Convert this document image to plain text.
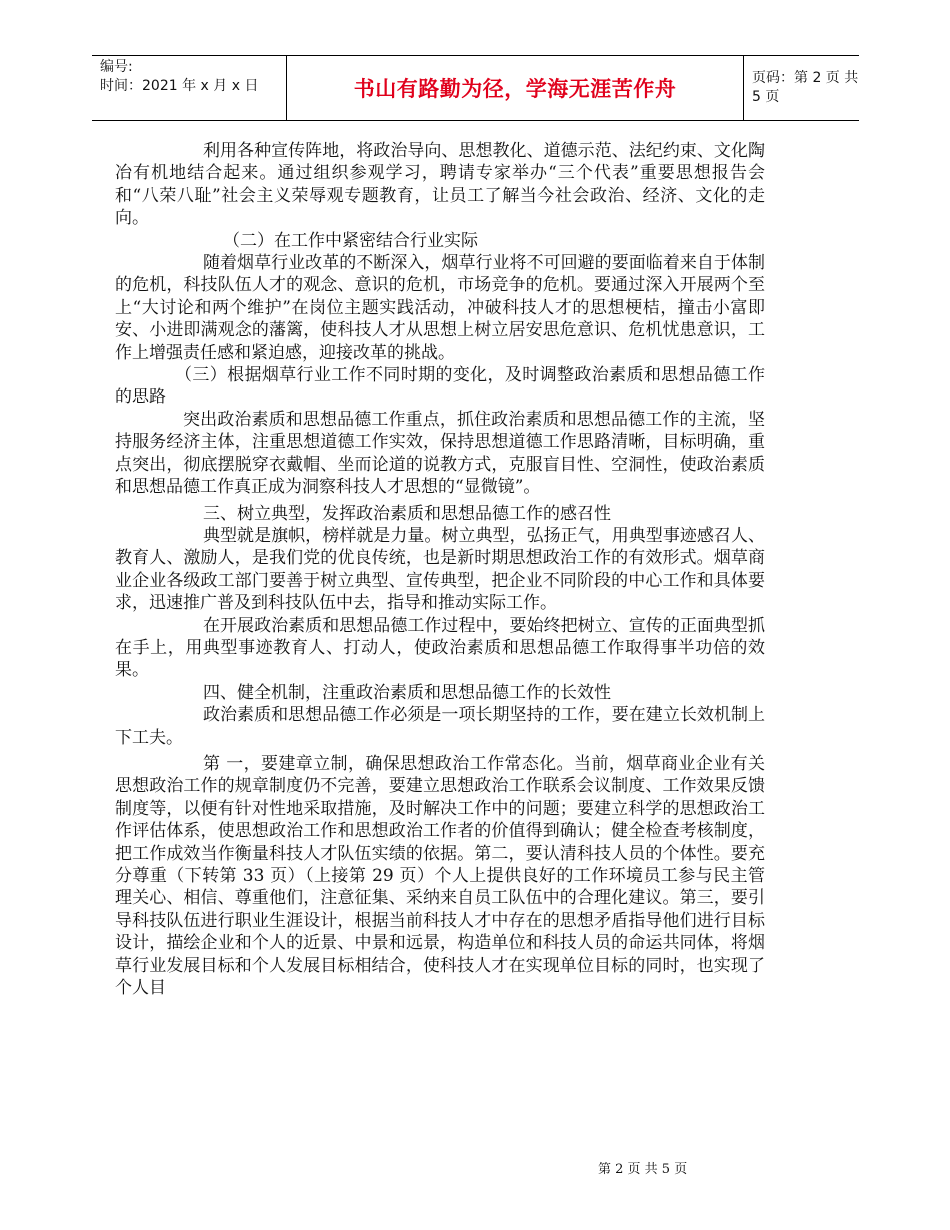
编号:
时间：2021 年 x 月 x 日	书山有路勤为径，学海无涯苦作舟	页码：第 2 页 共 5 页

利用各种宣传阵地，将政治导向、思想教化、道德示范、法纪约束、文化陶冶有机地结合起来。通过组织参观学习，聘请专家举办“三个代表”重要思想报告会和“八荣八耻”社会主义荣辱观专题教育，让员工了解当今社会政治、经济、文化的走向。

（二）在工作中紧密结合行业实际

随着烟草行业改革的不断深入，烟草行业将不可回避的要面临着来自于体制的危机，科技队伍人才的观念、意识的危机，市场竞争的危机。要通过深入开展两个至上“大讨论和两个维护”在岗位主题实践活动，冲破科技人才的思想梗桔，撞击小富即安、小进即满观念的藩篱，使科技人才从思想上树立居安思危意识、危机忧患意识，工作上增强责任感和紧迫感，迎接改革的挑战。

（三）根据烟草行业工作不同时期的变化，及时调整政治素质和思想品德工作的思路

突出政治素质和思想品德工作重点，抓住政治素质和思想品德工作的主流，坚持服务经济主体，注重思想道德工作实效，保持思想道德工作思路清晰，目标明确，重点突出，彻底摆脱穿衣戴帽、坐而论道的说教方式，克服盲目性、空洞性，使政治素质和思想品德工作真正成为洞察科技人才思想的“显微镜”。

三、树立典型，发挥政治素质和思想品德工作的感召性

典型就是旗帜，榜样就是力量。树立典型，弘扬正气，用典型事迹感召人、教育人、激励人，是我们党的优良传统，也是新时期思想政治工作的有效形式。烟草商业企业各级政工部门要善于树立典型、宣传典型，把企业不同阶段的中心工作和具体要求，迅速推广普及到科技队伍中去，指导和推动实际工作。

在开展政治素质和思想品德工作过程中，要始终把树立、宣传的正面典型抓在手上，用典型事迹教育人、打动人，使政治素质和思想品德工作取得事半功倍的效果。

四、健全机制，注重政治素质和思想品德工作的长效性

政治素质和思想品德工作必须是一项长期坚持的工作，要在建立长效机制上下工夫。

第 一，要建章立制，确保思想政治工作常态化。当前，烟草商业企业有关思想政治工作的规章制度仍不完善，要建立思想政治工作联系会议制度、工作效果反馈制度等，以便有针对性地采取措施，及时解决工作中的问题；要建立科学的思想政治工作评估体系，使思想政治工作和思想政治工作者的价值得到确认；健全检查考核制度，把工作成效当作衡量科技人才队伍实绩的依据。第二，要认清科技人员的个体性。要充分尊重（下转第 33 页）（上接第 29 页）个人上提供良好的工作环境员工参与民主管理关心、相信、尊重他们，注意征集、采纳来自员工队伍中的合理化建议。第三，要引导科技队伍进行职业生涯设计，根据当前科技人才中存在的思想矛盾指导他们进行目标设计，描绘企业和个人的近景、中景和远景，构造单位和科技人员的命运共同体，将烟草行业发展目标和个人发展目标相结合，使科技人才在实现单位目标的同时，也实现了个人目

第 2 页 共 5 页
